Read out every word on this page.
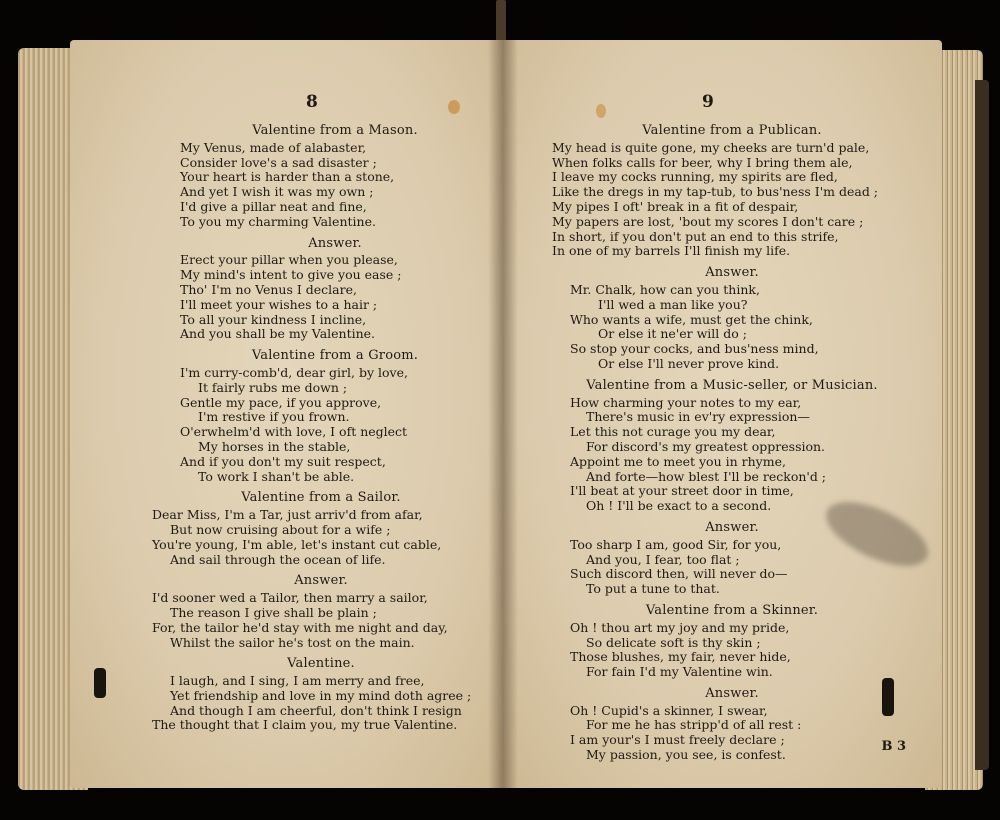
8
Valentine from a Mason.
My Venus, made of alabaster,
Consider love's a sad disaster ;
Your heart is harder than a stone,
And yet I wish it was my own ;
I'd give a pillar neat and fine,
To you my charming Valentine.
Answer.
Erect your pillar when you please,
My mind's intent to give you ease ;
Tho' I'm no Venus I declare,
I'll meet your wishes to a hair ;
To all your kindness I incline,
And you shall be my Valentine.
Valentine from a Groom.
I'm curry-comb'd, dear girl, by love,
It fairly rubs me down ;
Gentle my pace, if you approve,
I'm restive if you frown.
O'erwhelm'd with love, I oft neglect
My horses in the stable,
And if you don't my suit respect,
To work I shan't be able.
Valentine from a Sailor.
Dear Miss, I'm a Tar, just arriv'd from afar,
But now cruising about for a wife ;
You're young, I'm able, let's instant cut cable,
And sail through the ocean of life.
Answer.
I'd sooner wed a Tailor, then marry a sailor,
The reason I give shall be plain ;
For, the tailor he'd stay with me night and day,
Whilst the sailor he's tost on the main.
Valentine.
I laugh, and I sing, I am merry and free,
Yet friendship and love in my mind doth agree ;
And though I am cheerful, don't think I resign
The thought that I claim you, my true Valentine.
9
Valentine from a Publican.
My head is quite gone, my cheeks are turn'd pale,
When folks calls for beer, why I bring them ale,
I leave my cocks running, my spirits are fled,
Like the dregs in my tap-tub, to bus'ness I'm dead ;
My pipes I oft' break in a fit of despair,
My papers are lost, 'bout my scores I don't care ;
In short, if you don't put an end to this strife,
In one of my barrels I'll finish my life.
Answer.
Mr. Chalk, how can you think,
I'll wed a man like you?
Who wants a wife, must get the chink,
Or else it ne'er will do ;
So stop your cocks, and bus'ness mind,
Or else I'll never prove kind.
Valentine from a Music-seller, or Musician.
How charming your notes to my ear,
There's music in ev'ry expression—
Let this not curage you my dear,
For discord's my greatest oppression.
Appoint me to meet you in rhyme,
And forte—how blest I'll be reckon'd ;
I'll beat at your street door in time,
Oh ! I'll be exact to a second.
Answer.
Too sharp I am, good Sir, for you,
And you, I fear, too flat ;
Such discord then, will never do—
To put a tune to that.
Valentine from a Skinner.
Oh ! thou art my joy and my pride,
So delicate soft is thy skin ;
Those blushes, my fair, never hide,
For fain I'd my Valentine win.
Answer.
Oh ! Cupid's a skinner, I swear,
For me he has stripp'd of all rest :
I am your's I must freely declare ;
My passion, you see, is confest.
B 3
